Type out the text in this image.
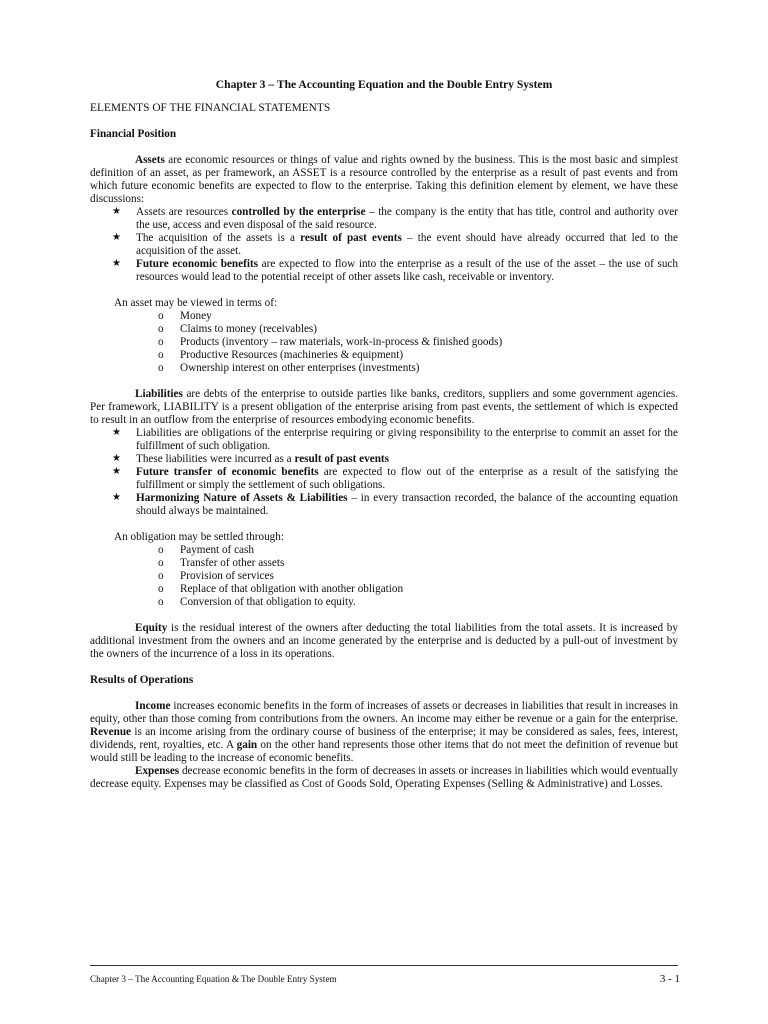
Chapter 3 – The Accounting Equation and the Double Entry System
ELEMENTS OF THE FINANCIAL STATEMENTS
Financial Position

Assets are economic resources or things of value and rights owned by the business. This is the most basic and simplest definition of an asset, as per framework, an ASSET is a resource controlled by the enterprise as a result of past events and from which future economic benefits are expected to flow to the enterprise. Taking this definition element by element, we have these discussions:

★ Assets are resources controlled by the enterprise – the company is the entity that has title, control and authority over the use, access and even disposal of the said resource.
★ The acquisition of the assets is a result of past events – the event should have already occurred that led to the acquisition of the asset.
★ Future economic benefits are expected to flow into the enterprise as a result of the use of the asset – the use of such resources would lead to the potential receipt of other assets like cash, receivable or inventory.

An asset may be viewed in terms of:

o Money
o Claims to money (receivables)
o Products (inventory – raw materials, work-in-process & finished goods)
o Productive Resources (machineries & equipment)
o Ownership interest on other enterprises (investments)

Liabilities are debts of the enterprise to outside parties like banks, creditors, suppliers and some government agencies. Per framework, LIABILITY is a present obligation of the enterprise arising from past events, the settlement of which is expected to result in an outflow from the enterprise of resources embodying economic benefits.

★ Liabilities are obligations of the enterprise requiring or giving responsibility to the enterprise to commit an asset for the fulfillment of such obligation.
★ These liabilities were incurred as a result of past events
★ Future transfer of economic benefits are expected to flow out of the enterprise as a result of the satisfying the fulfillment or simply the settlement of such obligations.
★ Harmonizing Nature of Assets & Liabilities – in every transaction recorded, the balance of the accounting equation should always be maintained.

An obligation may be settled through:

o Payment of cash
o Transfer of other assets
o Provision of services
o Replace of that obligation with another obligation
o Conversion of that obligation to equity.

Equity is the residual interest of the owners after deducting the total liabilities from the total assets. It is increased by additional investment from the owners and an income generated by the enterprise and is deducted by a pull-out of investment by the owners of the incurrence of a loss in its operations.

Results of Operations

Income increases economic benefits in the form of increases of assets or decreases in liabilities that result in increases in equity, other than those coming from contributions from the owners. An income may either be revenue or a gain for the enterprise. Revenue is an income arising from the ordinary course of business of the enterprise; it may be considered as sales, fees, interest, dividends, rent, royalties, etc. A gain on the other hand represents those other items that do not meet the definition of revenue but would still be leading to the increase of economic benefits.

Expenses decrease economic benefits in the form of decreases in assets or increases in liabilities which would eventually decrease equity. Expenses may be classified as Cost of Goods Sold, Operating Expenses (Selling & Administrative) and Losses.

Chapter 3 – The Accounting Equation & The Double Entry System	3 - 1
